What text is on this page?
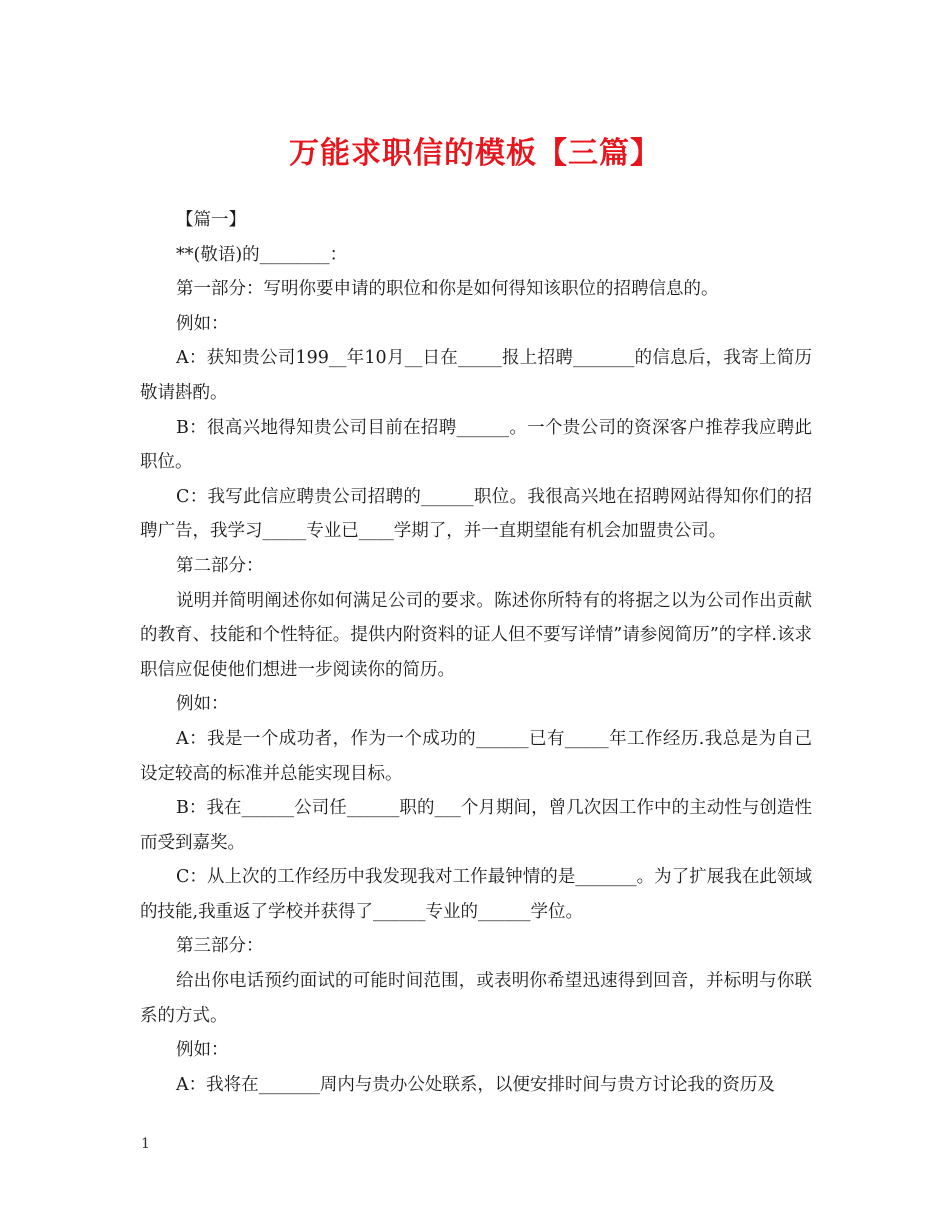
万能求职信的模板【三篇】

【篇一】

**(敬语)的________：

第一部分：写明你要申请的职位和你是如何得知该职位的招聘信息的。

例如：

A：获知贵公司199__年10月__日在_____报上招聘_______的信息后，我寄上简历敬请斟酌。

B：很高兴地得知贵公司目前在招聘______。一个贵公司的资深客户推荐我应聘此职位。

C：我写此信应聘贵公司招聘的______职位。我很高兴地在招聘网站得知你们的招聘广告，我学习_____专业已____学期了，并一直期望能有机会加盟贵公司。

第二部分：

说明并简明阐述你如何满足公司的要求。陈述你所特有的将据之以为公司作出贡献的教育、技能和个性特征。提供内附资料的证人但不要写详情”请参阅简历”的字样.该求职信应促使他们想进一步阅读你的简历。

例如：

A：我是一个成功者，作为一个成功的______已有_____年工作经历.我总是为自己设定较高的标准并总能实现目标。

B：我在______公司任______职的___个月期间，曾几次因工作中的主动性与创造性而受到嘉奖。

C：从上次的工作经历中我发现我对工作最钟情的是_______。为了扩展我在此领域的技能,我重返了学校并获得了______专业的______学位。

第三部分：

给出你电话预约面试的可能时间范围，或表明你希望迅速得到回音，并标明与你联系的方式。

例如：

A：我将在_______周内与贵办公处联系，以便安排时间与贵方讨论我的资历及

1
